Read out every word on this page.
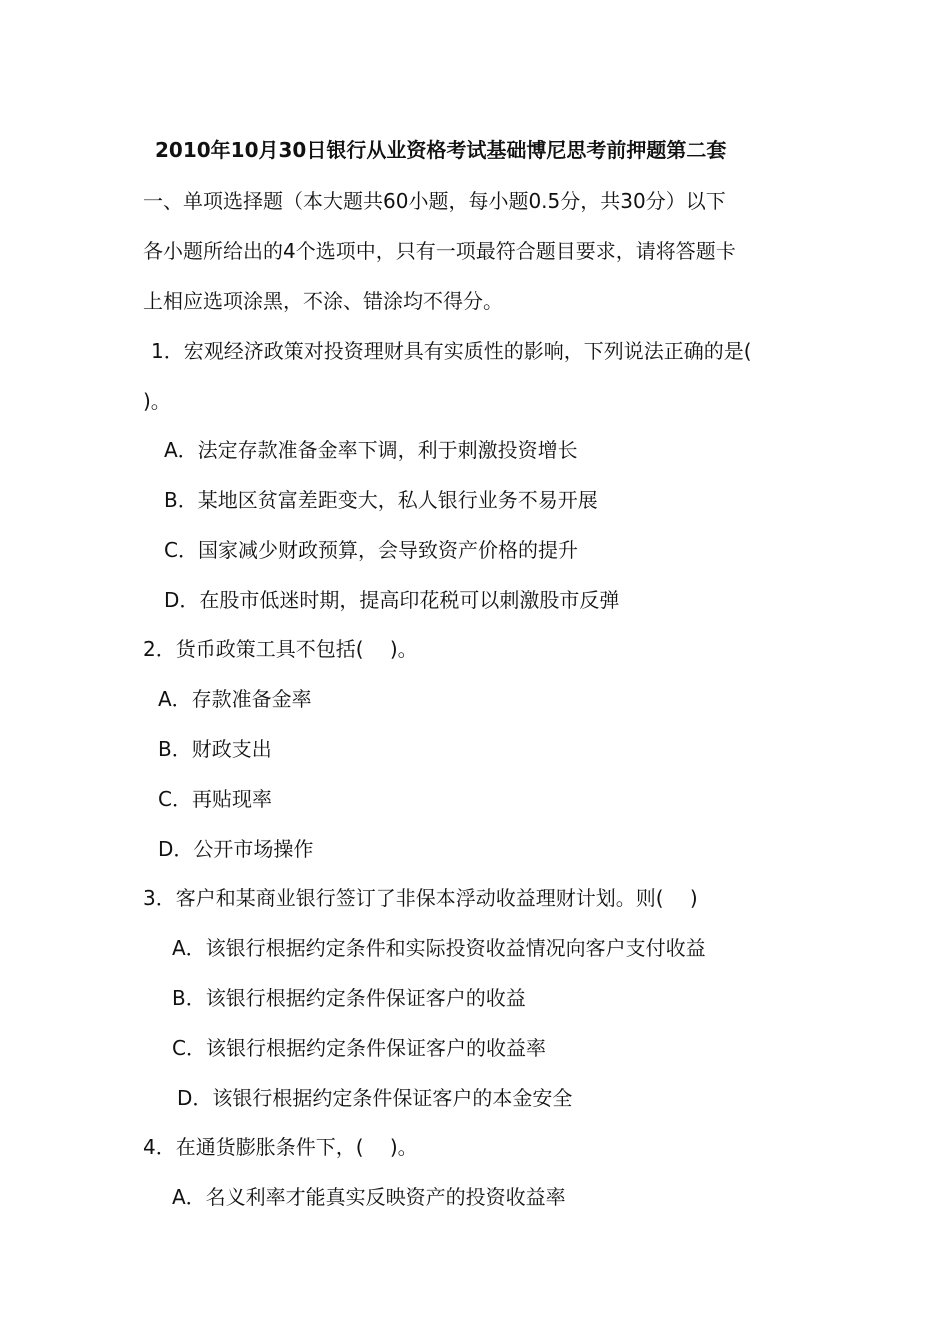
2010年10月30日银行从业资格考试基础博尼思考前押题第二套
一、单项选择题（本大题共60小题，每小题0.5分，共30分）以下
各小题所给出的4个选项中，只有一项最符合题目要求，请将答题卡
上相应选项涂黑，不涂、错涂均不得分。
1．宏观经济政策对投资理财具有实质性的影响，下列说法正确的是(
)。
A．法定存款准备金率下调，利于刺激投资增长
B．某地区贫富差距变大，私人银行业务不易开展
C．国家减少财政预算，会导致资产价格的提升
D．在股市低迷时期，提高印花税可以刺激股市反弹
2．货币政策工具不包括(　 )。
A．存款准备金率
B．财政支出
C．再贴现率
D．公开市场操作
3．客户和某商业银行签订了非保本浮动收益理财计划。则(　 )
A．该银行根据约定条件和实际投资收益情况向客户支付收益
B．该银行根据约定条件保证客户的收益
C．该银行根据约定条件保证客户的收益率
D．该银行根据约定条件保证客户的本金安全
4．在通货膨胀条件下，(　 )。
A．名义利率才能真实反映资产的投资收益率
